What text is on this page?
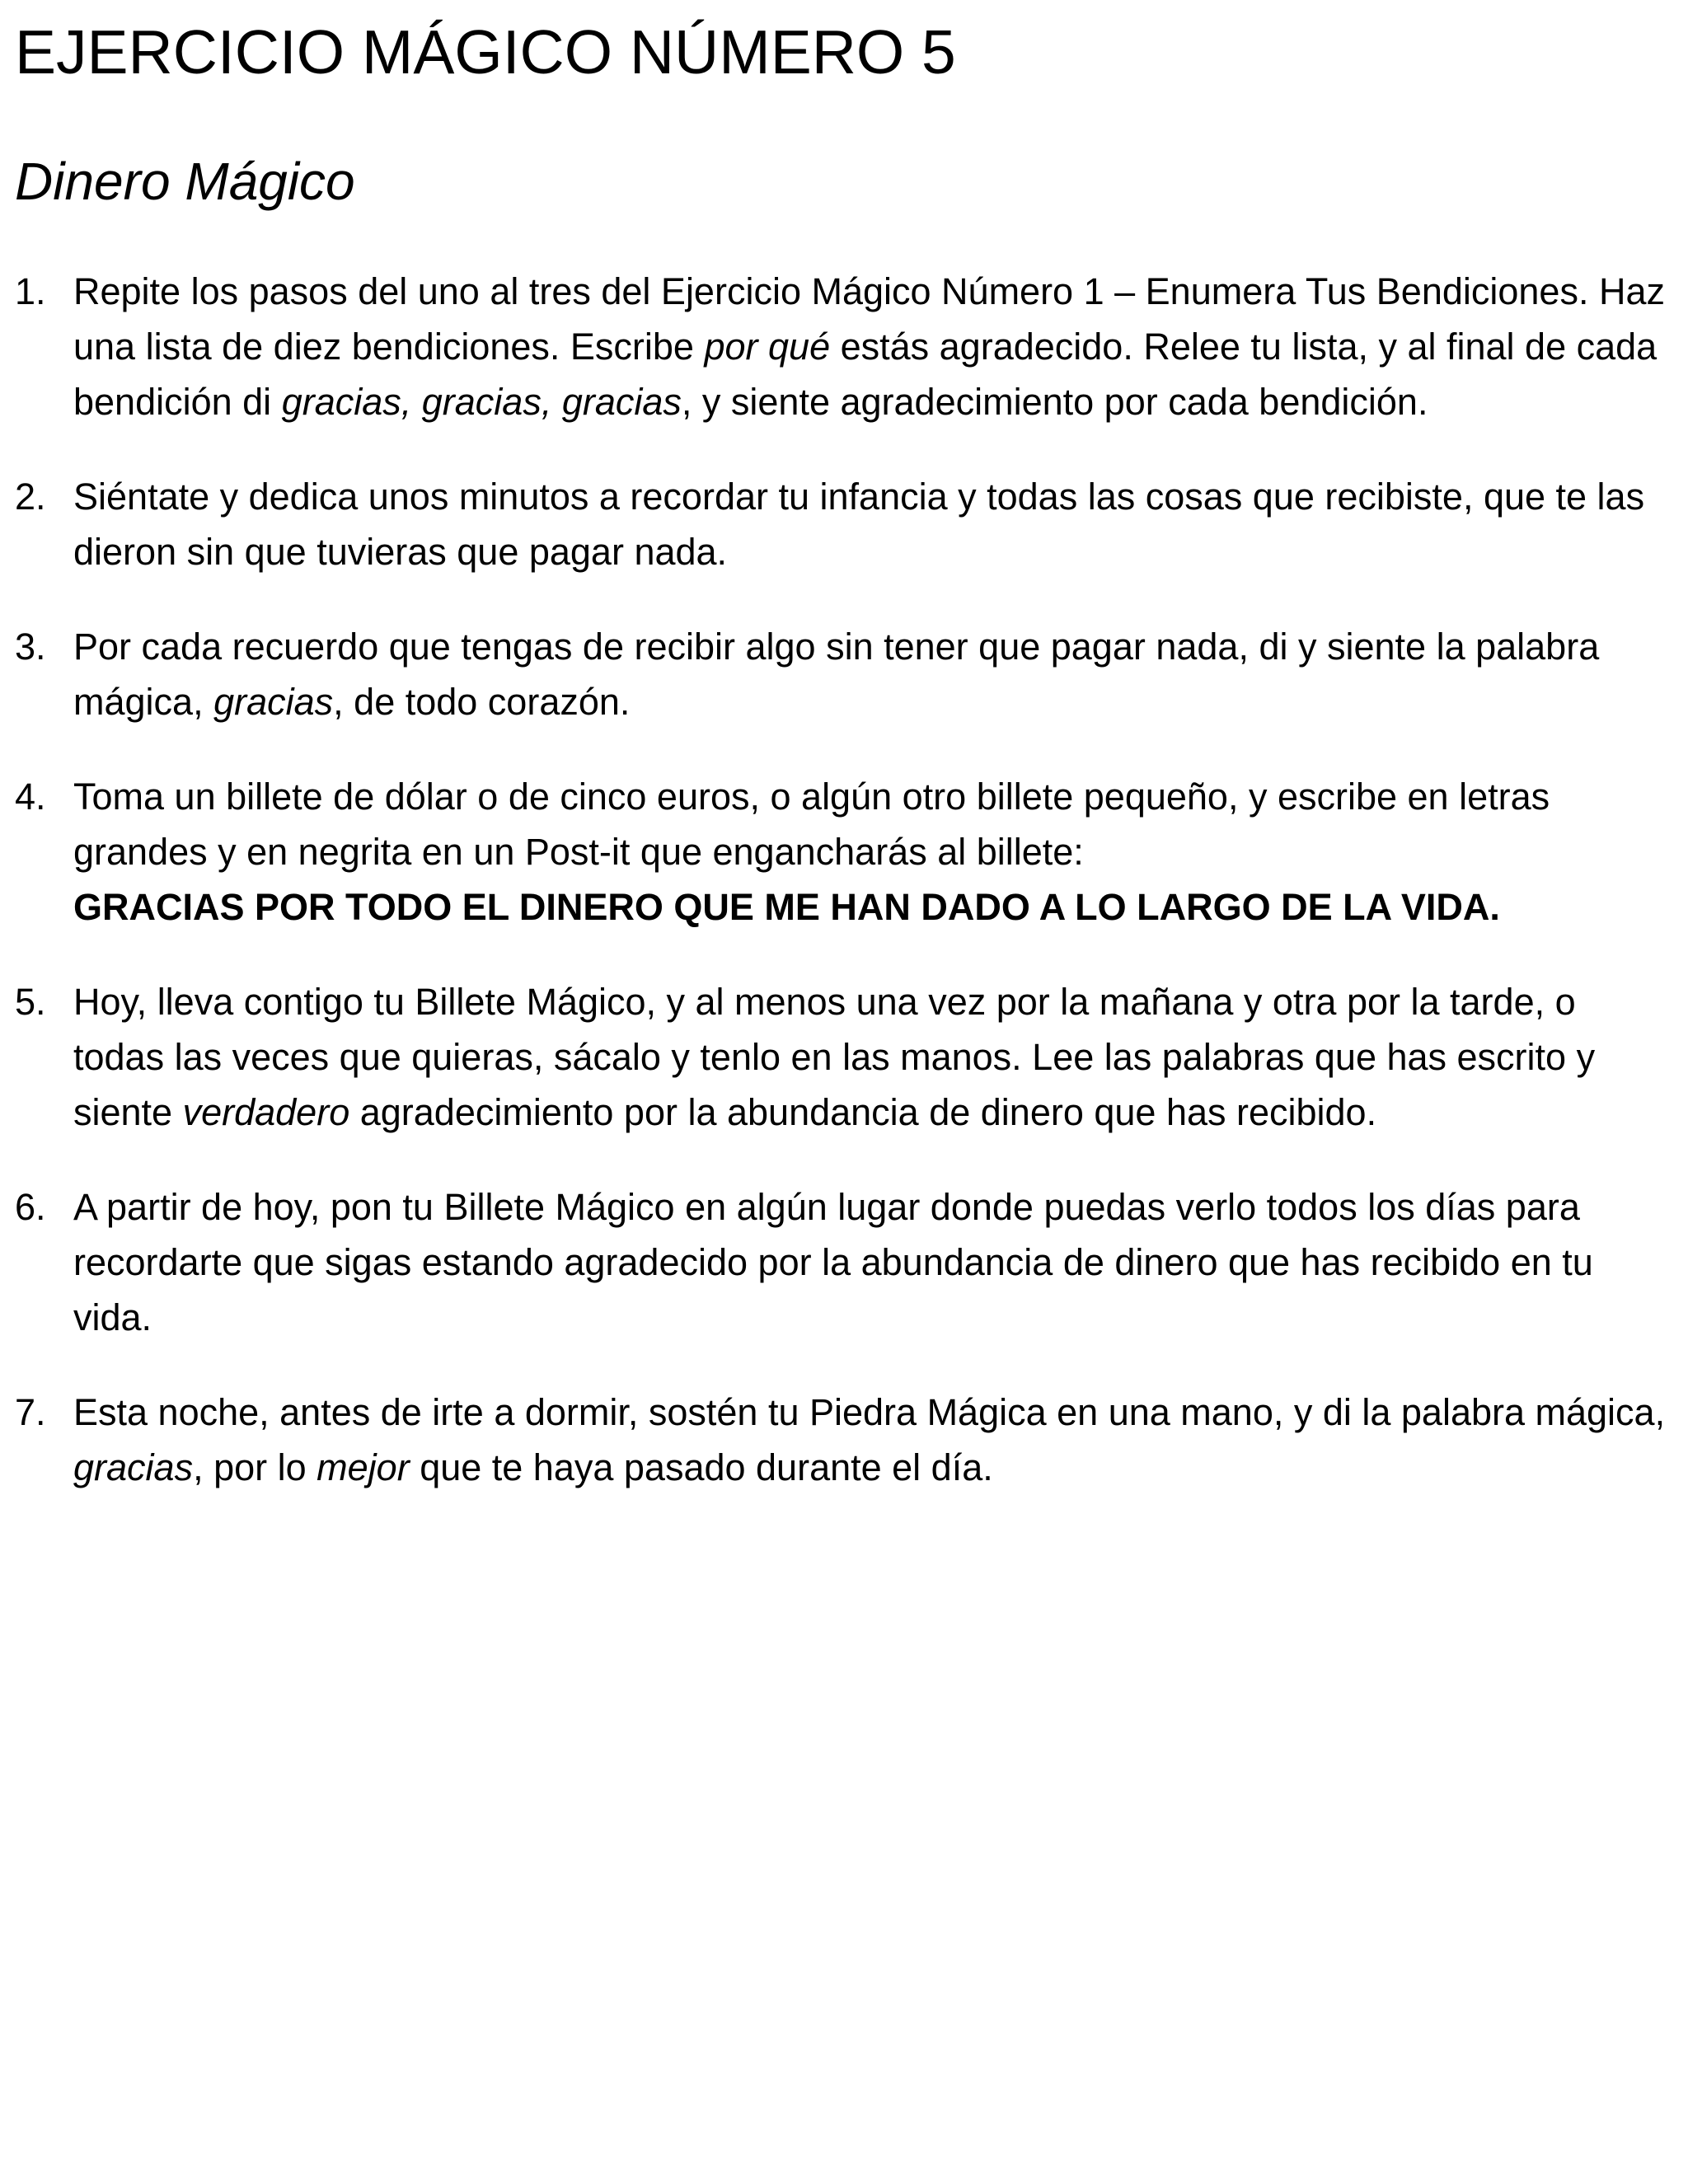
EJERCICIO MÁGICO NÚMERO 5
Dinero Mágico
1. Repite los pasos del uno al tres del Ejercicio Mágico Número 1 – Enumera Tus Bendiciones. Haz una lista de diez bendiciones. Escribe por qué estás agradecido. Relee tu lista, y al final de cada bendición di gracias, gracias, gracias, y siente agradecimiento por cada bendición.
2. Siéntate y dedica unos minutos a recordar tu infancia y todas las cosas que recibiste, que te las dieron sin que tuvieras que pagar nada.
3. Por cada recuerdo que tengas de recibir algo sin tener que pagar nada, di y siente la palabra mágica, gracias, de todo corazón.
4. Toma un billete de dólar o de cinco euros, o algún otro billete pequeño, y escribe en letras grandes y en negrita en un Post-it que engancharás al billete:
GRACIAS POR TODO EL DINERO QUE ME HAN DADO A LO LARGO DE LA VIDA.
5. Hoy, lleva contigo tu Billete Mágico, y al menos una vez por la mañana y otra por la tarde, o todas las veces que quieras, sácalo y tenlo en las manos. Lee las palabras que has escrito y siente verdadero agradecimiento por la abundancia de dinero que has recibido.
6. A partir de hoy, pon tu Billete Mágico en algún lugar donde puedas verlo todos los días para recordarte que sigas estando agradecido por la abundancia de dinero que has recibido en tu vida.
7. Esta noche, antes de irte a dormir, sostén tu Piedra Mágica en una mano, y di la palabra mágica, gracias, por lo mejor que te haya pasado durante el día.
